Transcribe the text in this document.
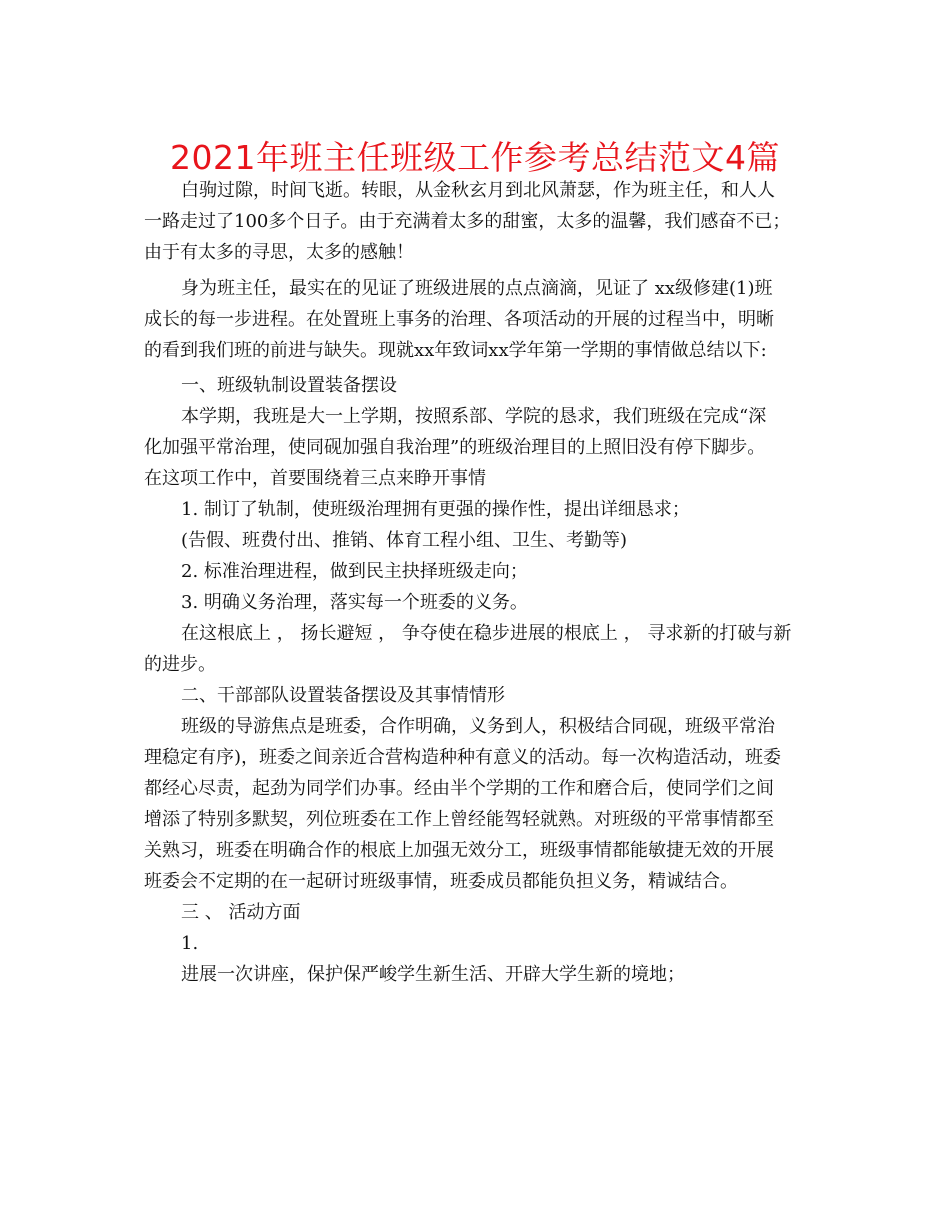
2021年班主任班级工作参考总结范文4篇
白驹过隙，时间飞逝。转眼，从金秋玄月到北风萧瑟，作为班主任，和人人
一路走过了100多个日子。由于充满着太多的甜蜜，太多的温馨，我们感奋不已；
由于有太多的寻思，太多的感触！
身为班主任，最实在的见证了班级进展的点点滴滴，见证了 xx级修建(1)班
成长的每一步进程。在处置班上事务的治理、各项活动的开展的过程当中，明晰
的看到我们班的前进与缺失。现就xx年致词xx学年第一学期的事情做总结以下:
一、班级轨制设置装备摆设
本学期，我班是大一上学期，按照系部、学院的恳求，我们班级在完成“深
化加强平常治理，使同砚加强自我治理”的班级治理目的上照旧没有停下脚步。
在这项工作中，首要围绕着三点来睁开事情
1. 制订了轨制，使班级治理拥有更强的操作性，提出详细恳求；
(告假、班费付出、推销、体育工程小组、卫生、考勤等)
2. 标准治理进程，做到民主抉择班级走向；
3. 明确义务治理，落实每一个班委的义务。
在这根底上 ， 扬长避短 ， 争夺使在稳步进展的根底上 ， 寻求新的打破与新
的进步。
二、干部部队设置装备摆设及其事情情形
班级的导游焦点是班委，合作明确，义务到人，积极结合同砚，班级平常治
理稳定有序)，班委之间亲近合营构造种种有意义的活动。每一次构造活动，班委
都经心尽责，起劲为同学们办事。经由半个学期的工作和磨合后，使同学们之间
增添了特别多默契，列位班委在工作上曾经能驾轻就熟。对班级的平常事情都至
关熟习，班委在明确合作的根底上加强无效分工，班级事情都能敏捷无效的开展
班委会不定期的在一起研讨班级事情，班委成员都能负担义务，精诚结合。
三 、 活动方面
1.
进展一次讲座，保护保严峻学生新生活、开辟大学生新的境地；
